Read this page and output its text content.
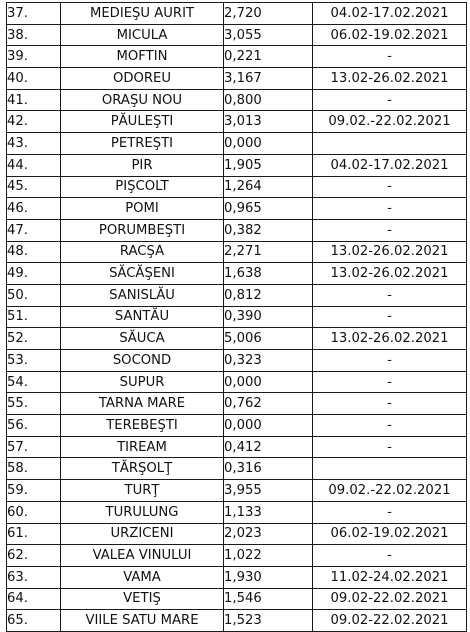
37.	MEDIEŞU AURIT	2,720	04.02-17.02.2021
38.	MICULA	3,055	06.02-19.02.2021
39.	MOFTIN	0,221	-
40.	ODOREU	3,167	13.02-26.02.2021
41.	ORAŞU NOU	0,800	-
42.	PĂULEŞTI	3,013	09.02.-22.02.2021
43.	PETREŞTI	0,000	
44.	PIR	1,905	04.02-17.02.2021
45.	PIŞCOLT	1,264	-
46.	POMI	0,965	-
47.	PORUMBEŞTI	0,382	-
48.	RACŞA	2,271	13.02-26.02.2021
49.	SĂCĂŞENI	1,638	13.02-26.02.2021
50.	SANISLĂU	0,812	-
51.	SANTĂU	0,390	-
52.	SĂUCA	5,006	13.02-26.02.2021
53.	SOCOND	0,323	-
54.	SUPUR	0,000	-
55.	TARNA MARE	0,762	-
56.	TEREBEŞTI	0,000	-
57.	TIREAM	0,412	-
58.	TĂRŞOLŢ	0,316	
59.	TURŢ	3,955	09.02.-22.02.2021
60.	TURULUNG	1,133	-
61.	URZICENI	2,023	06.02-19.02.2021
62.	VALEA VINULUI	1,022	-
63.	VAMA	1,930	11.02-24.02.2021
64.	VETIŞ	1,546	09.02-22.02.2021
65.	VIILE SATU MARE	1,523	09.02-22.02.2021
